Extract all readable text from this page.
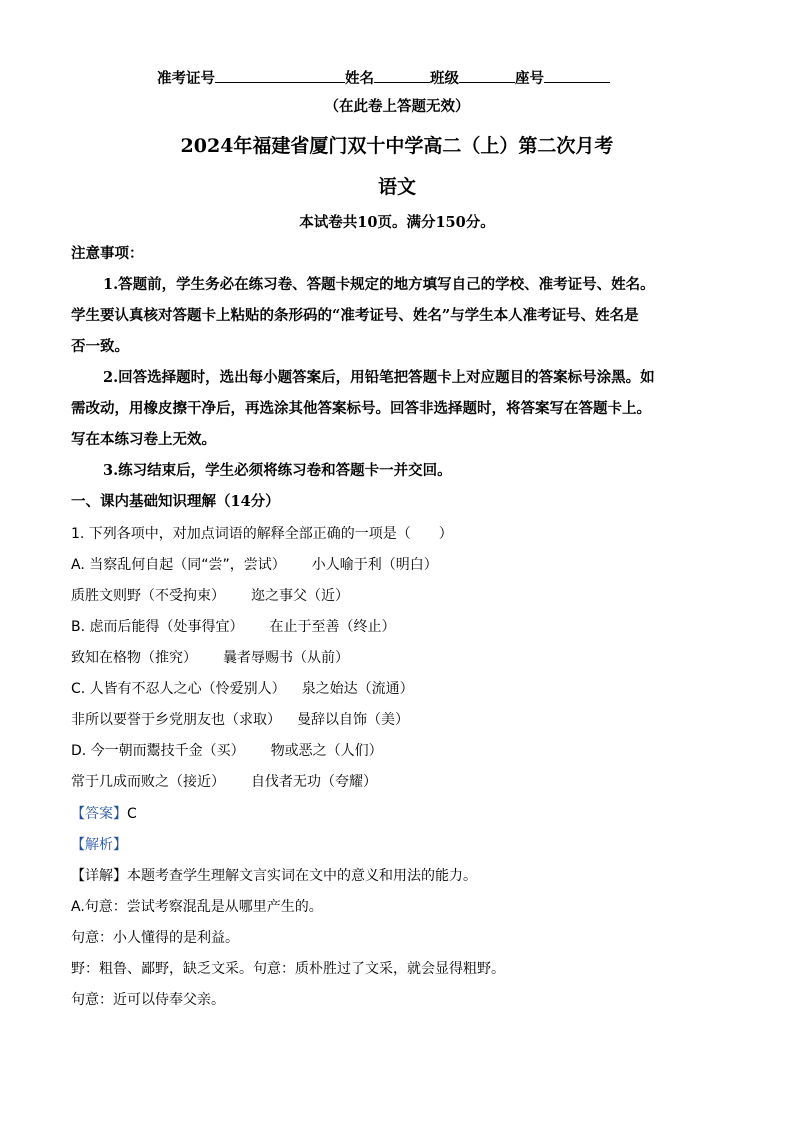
准考证号	姓名	班级	座号
（在此卷上答题无效）
2024年福建省厦门双十中学高二（上）第二次月考
语文
本试卷共10页。满分150分。
注意事项：
1.答题前，学生务必在练习卷、答题卡规定的地方填写自己的学校、准考证号、姓名。
学生要认真核对答题卡上粘贴的条形码的“准考证号、姓名”与学生本人准考证号、姓名是
否一致。
2.回答选择题时，选出每小题答案后，用铅笔把答题卡上对应题目的答案标号涂黑。如
需改动，用橡皮擦干净后，再选涂其他答案标号。回答非选择题时，将答案写在答题卡上。
写在本练习卷上无效。
3.练习结束后，学生必须将练习卷和答题卡一并交回。
一、课内基础知识理解（14分）
1. 下列各项中，对加点词语的解释全部正确的一项是（　　）
A. 当察乱何自起（同“尝”，尝试） 小人喻于利（明白）
质胜文则野（不受拘束） 迩之事父（近）
B. 虑而后能得（处事得宜） 在止于至善（终止）
致知在格物（推究） 曩者辱赐书（从前）
C. 人皆有不忍人之心（怜爱别人） 泉之始达（流通）
非所以要誉于乡党朋友也（求取） 曼辞以自饰（美）
D. 今一朝而鬻技千金（买） 物或恶之（人们）
常于几成而败之（接近） 自伐者无功（夸耀）
【答案】C
【解析】
【详解】本题考查学生理解文言实词在文中的意义和用法的能力。
A.句意：尝试考察混乱是从哪里产生的。
句意：小人懂得的是利益。
野：粗鲁、鄙野，缺乏文采。句意：质朴胜过了文采，就会显得粗野。
句意：近可以侍奉父亲。
